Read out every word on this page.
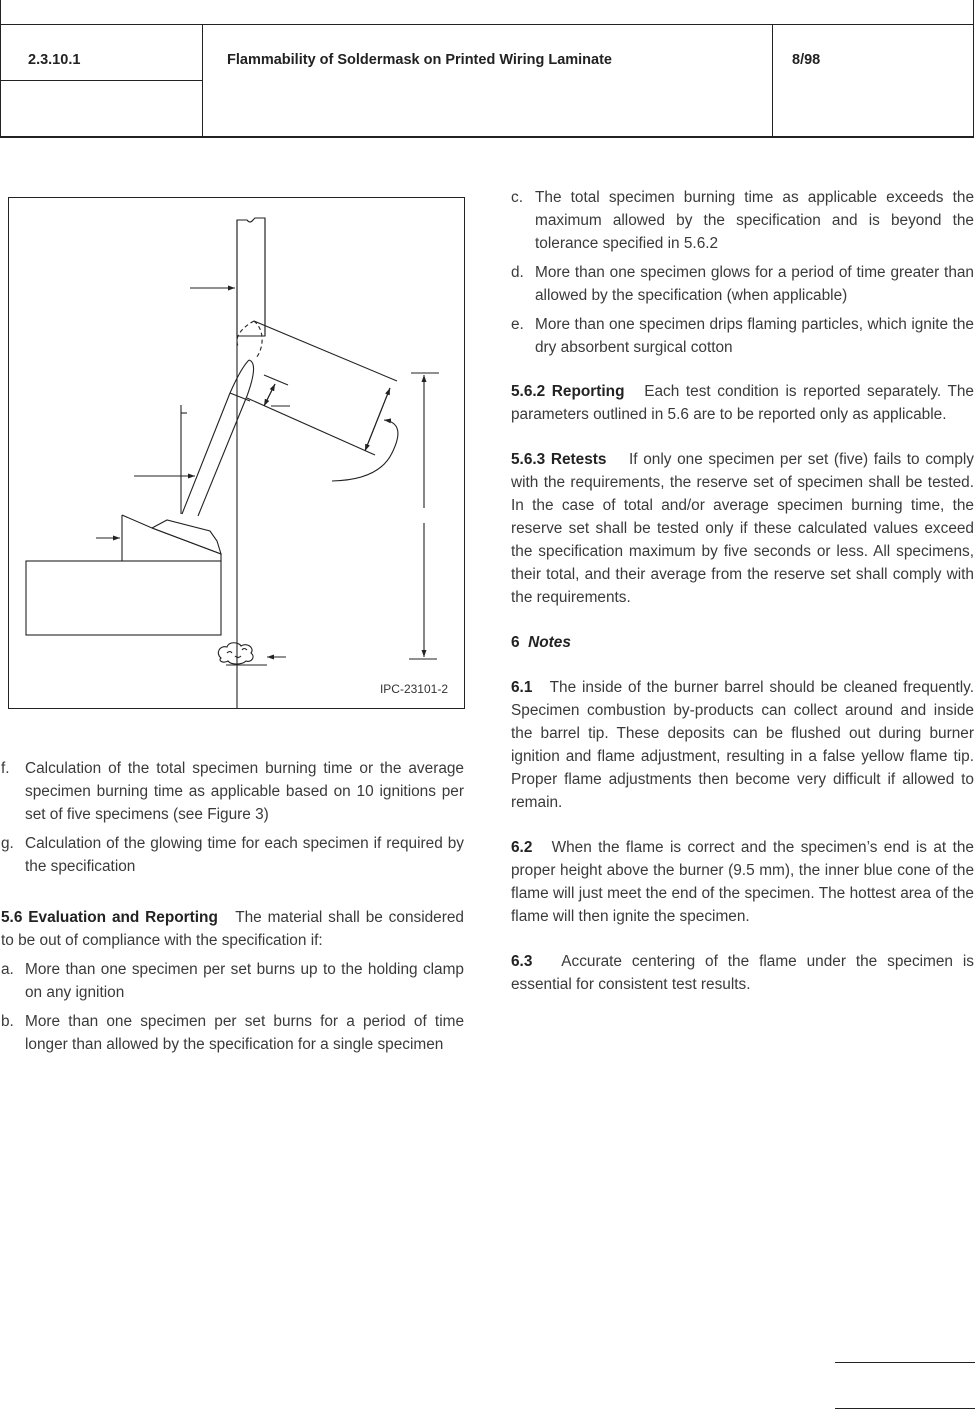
2.3.10.1	Flammability of Soldermask on Printed Wiring Laminate	8/98
IPC-23101-2
f. Calculation of the total specimen burning time or the average specimen burning time as applicable based on 10 ignitions per set of five specimens (see Figure 3)
g. Calculation of the glowing time for each specimen if required by the specification

5.6 Evaluation and Reporting The material shall be considered to be out of compliance with the specification if:

a. More than one specimen per set burns up to the holding clamp on any ignition
b. More than one specimen per set burns for a period of time longer than allowed by the specification for a single specimen
c. The total specimen burning time as applicable exceeds the maximum allowed by the specification and is beyond the tolerance specified in 5.6.2
d. More than one specimen glows for a period of time greater than allowed by the specification (when applicable)
e. More than one specimen drips flaming particles, which ignite the dry absorbent surgical cotton

5.6.2 Reporting Each test condition is reported separately. The parameters outlined in 5.6 are to be reported only as applicable.

5.6.3 Retests If only one specimen per set (five) fails to comply with the requirements, the reserve set of specimen shall be tested. In the case of total and/or average specimen burning time, the reserve set shall be tested only if these calculated values exceed the specification maximum by five seconds or less. All specimens, their total, and their average from the reserve set shall comply with the requirements.

6 Notes

6.1 The inside of the burner barrel should be cleaned frequently. Specimen combustion by-products can collect around and inside the barrel tip. These deposits can be flushed out during burner ignition and flame adjustment, resulting in a false yellow flame tip. Proper flame adjustments then become very difficult if allowed to remain.

6.2 When the flame is correct and the specimen’s end is at the proper height above the burner (9.5 mm), the inner blue cone of the flame will just meet the end of the specimen. The hottest area of the flame will then ignite the specimen.

6.3 Accurate centering of the flame under the specimen is essential for consistent test results.
